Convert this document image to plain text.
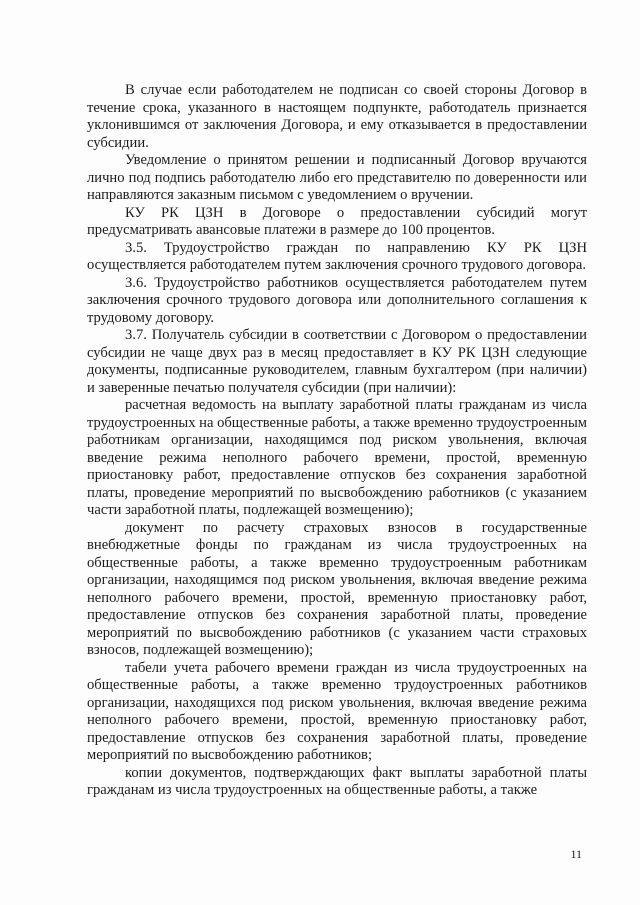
В случае если работодателем не подписан со своей стороны Договор в течение срока, указанного в настоящем подпункте, работодатель признается уклонившимся от заключения Договора, и ему отказывается в предоставлении субсидии.

Уведомление о принятом решении и подписанный Договор вручаются лично под подпись работодателю либо его представителю по доверенности или направляются заказным письмом с уведомлением о вручении.

КУ РК ЦЗН в Договоре о предоставлении субсидий могут предусматривать авансовые платежи в размере до 100 процентов.

3.5. Трудоустройство граждан по направлению КУ РК ЦЗН осуществляется работодателем путем заключения срочного трудового договора.

3.6. Трудоустройство работников осуществляется работодателем путем заключения срочного трудового договора или дополнительного соглашения к трудовому договору.

3.7. Получатель субсидии в соответствии с Договором о предоставлении субсидии не чаще двух раз в месяц предоставляет в КУ РК ЦЗН следующие документы, подписанные руководителем, главным бухгалтером (при наличии) и заверенные печатью получателя субсидии (при наличии):

расчетная ведомость на выплату заработной платы гражданам из числа трудоустроенных на общественные работы, а также временно трудоустроенным работникам организации, находящимся под риском увольнения, включая введение режима неполного рабочего времени, простой, временную приостановку работ, предоставление отпусков без сохранения заработной платы, проведение мероприятий по высвобождению работников (с указанием части заработной платы, подлежащей возмещению);

документ по расчету страховых взносов в государственные внебюджетные фонды по гражданам из числа трудоустроенных на общественные работы, а также временно трудоустроенным работникам организации, находящимся под риском увольнения, включая введение режима неполного рабочего времени, простой, временную приостановку работ, предоставление отпусков без сохранения заработной платы, проведение мероприятий по высвобождению работников (с указанием части страховых взносов, подлежащей возмещению);

табели учета рабочего времени граждан из числа трудоустроенных на общественные работы, а также временно трудоустроенных работников организации, находящихся под риском увольнения, включая введение режима неполного рабочего времени, простой, временную приостановку работ, предоставление отпусков без сохранения заработной платы, проведение мероприятий по высвобождению работников;

копии документов, подтверждающих факт выплаты заработной платы гражданам из числа трудоустроенных на общественные работы, а также

11
